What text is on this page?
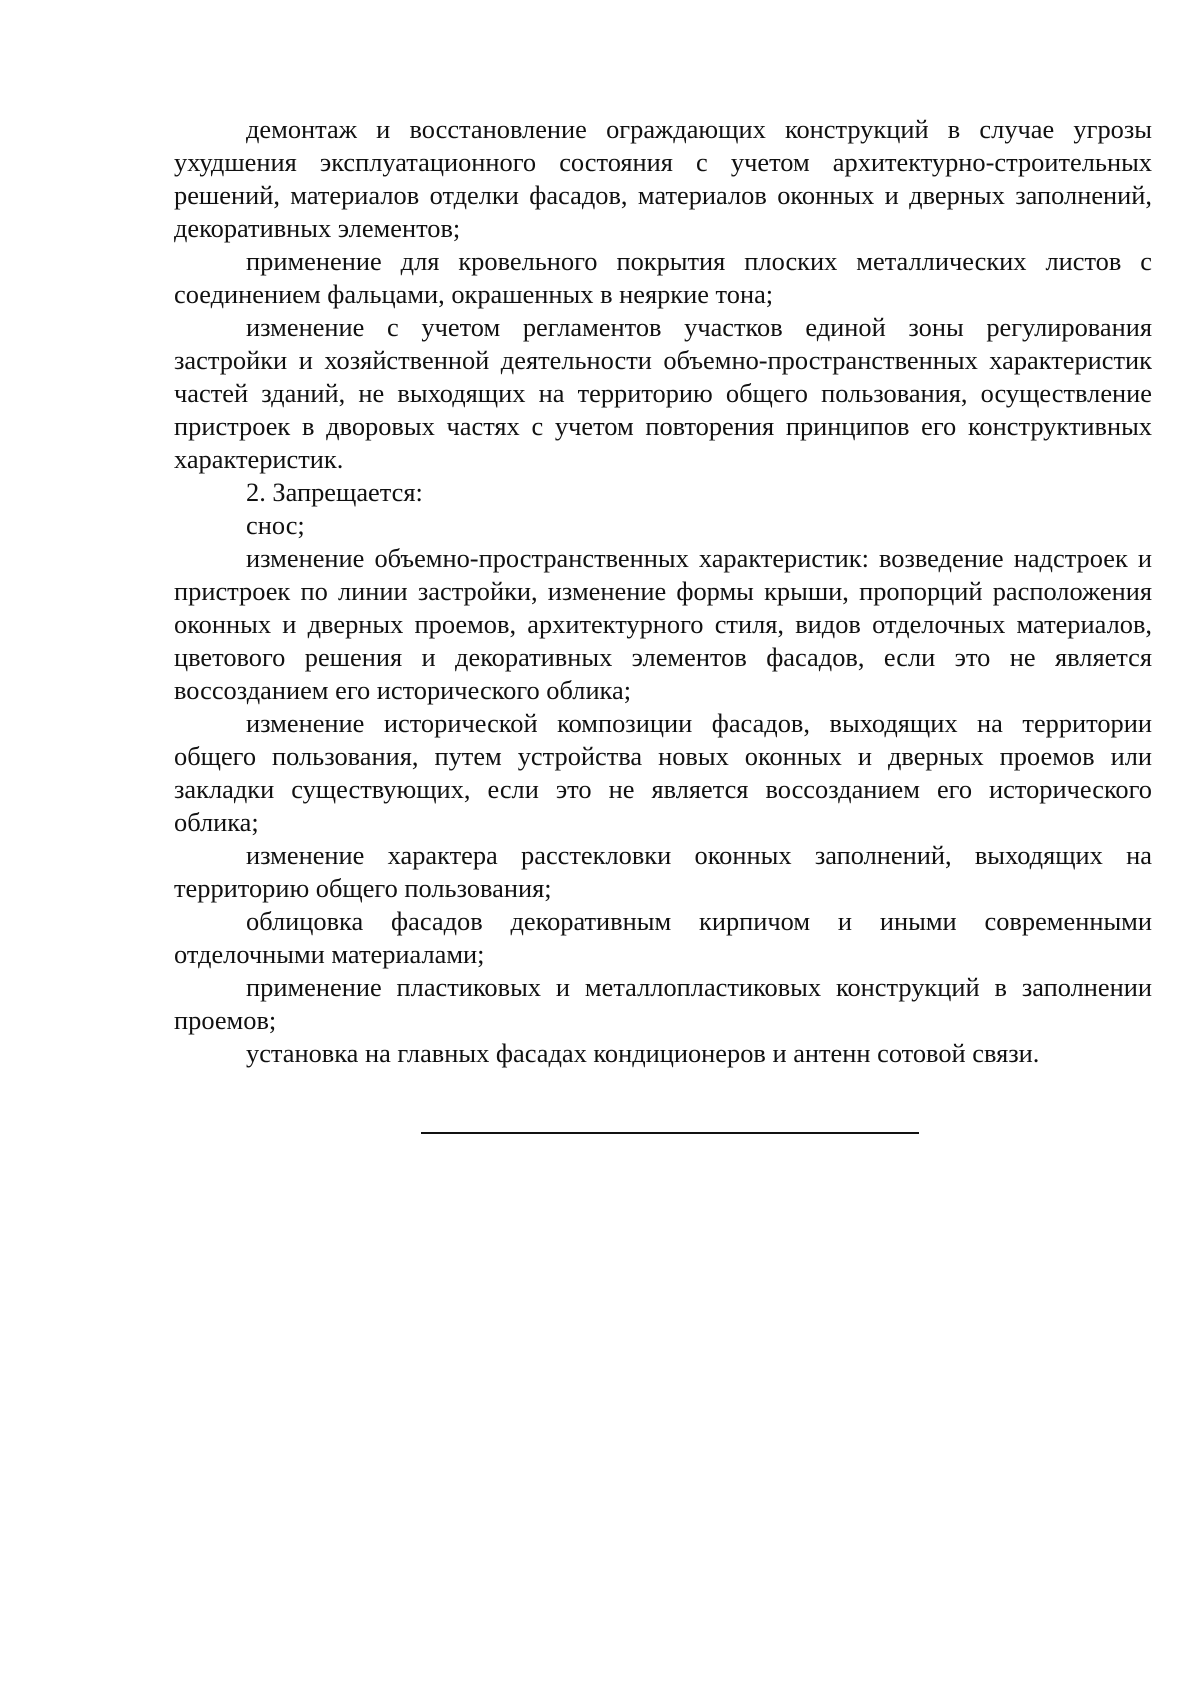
демонтаж и восстановление ограждающих конструкций в случае угрозы ухудшения эксплуатационного состояния с учетом архитектурно-строительных решений, материалов отделки фасадов, материалов оконных и дверных заполнений, декоративных элементов;

применение для кровельного покрытия плоских металлических листов с соединением фальцами, окрашенных в неяркие тона;

изменение с учетом регламентов участков единой зоны регулирования застройки и хозяйственной деятельности объемно-пространственных характеристик частей зданий, не выходящих на территорию общего пользования, осуществление пристроек в дворовых частях с учетом повторения принципов его конструктивных характеристик.

2. Запрещается:

снос;

изменение объемно-пространственных характеристик: возведение надстроек и пристроек по линии застройки, изменение формы крыши, пропорций расположения оконных и дверных проемов, архитектурного стиля, видов отделочных материалов, цветового решения и декоративных элементов фасадов, если это не является воссозданием его исторического облика;

изменение исторической композиции фасадов, выходящих на территории общего пользования, путем устройства новых оконных и дверных проемов или закладки существующих, если это не является воссозданием его исторического облика;

изменение характера расстекловки оконных заполнений, выходящих на территорию общего пользования;

облицовка фасадов декоративным кирпичом и иными современными отделочными материалами;

применение пластиковых и металлопластиковых конструкций в заполнении проемов;

установка на главных фасадах кондиционеров и антенн сотовой связи.
